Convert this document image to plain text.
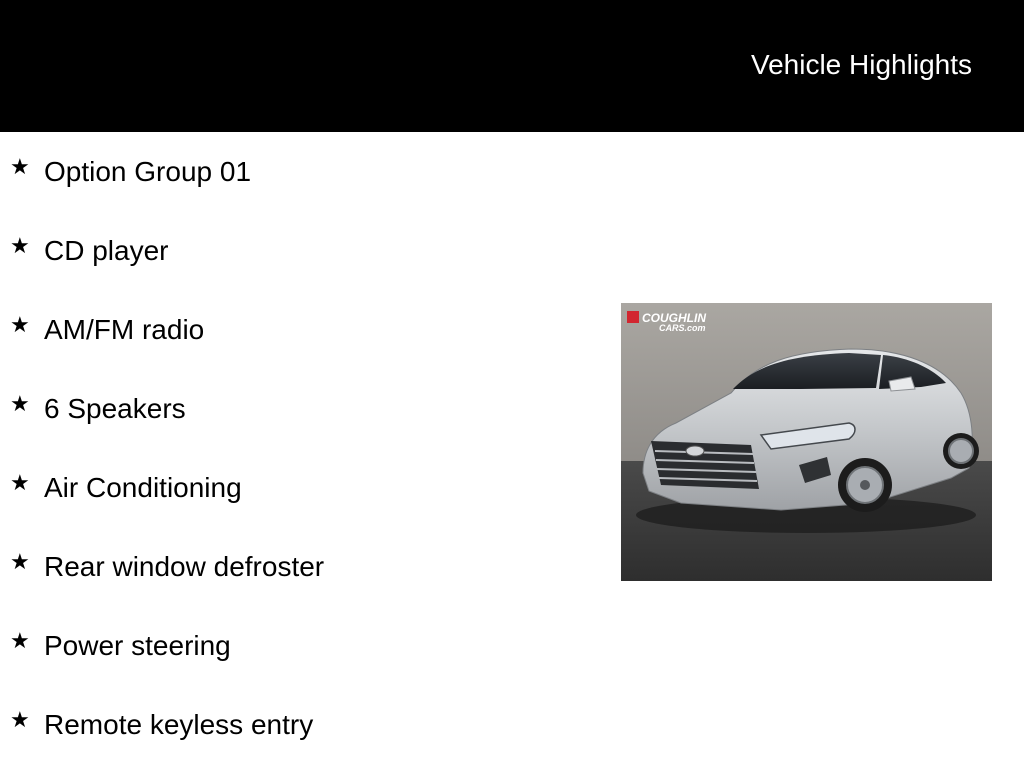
Vehicle Highlights
★ Option Group 01
★ CD player
★ AM/FM radio
★ 6 Speakers
★ Air Conditioning
★ Rear window defroster
★ Power steering
★ Remote keyless entry
COUGHLIN
CARS.com
